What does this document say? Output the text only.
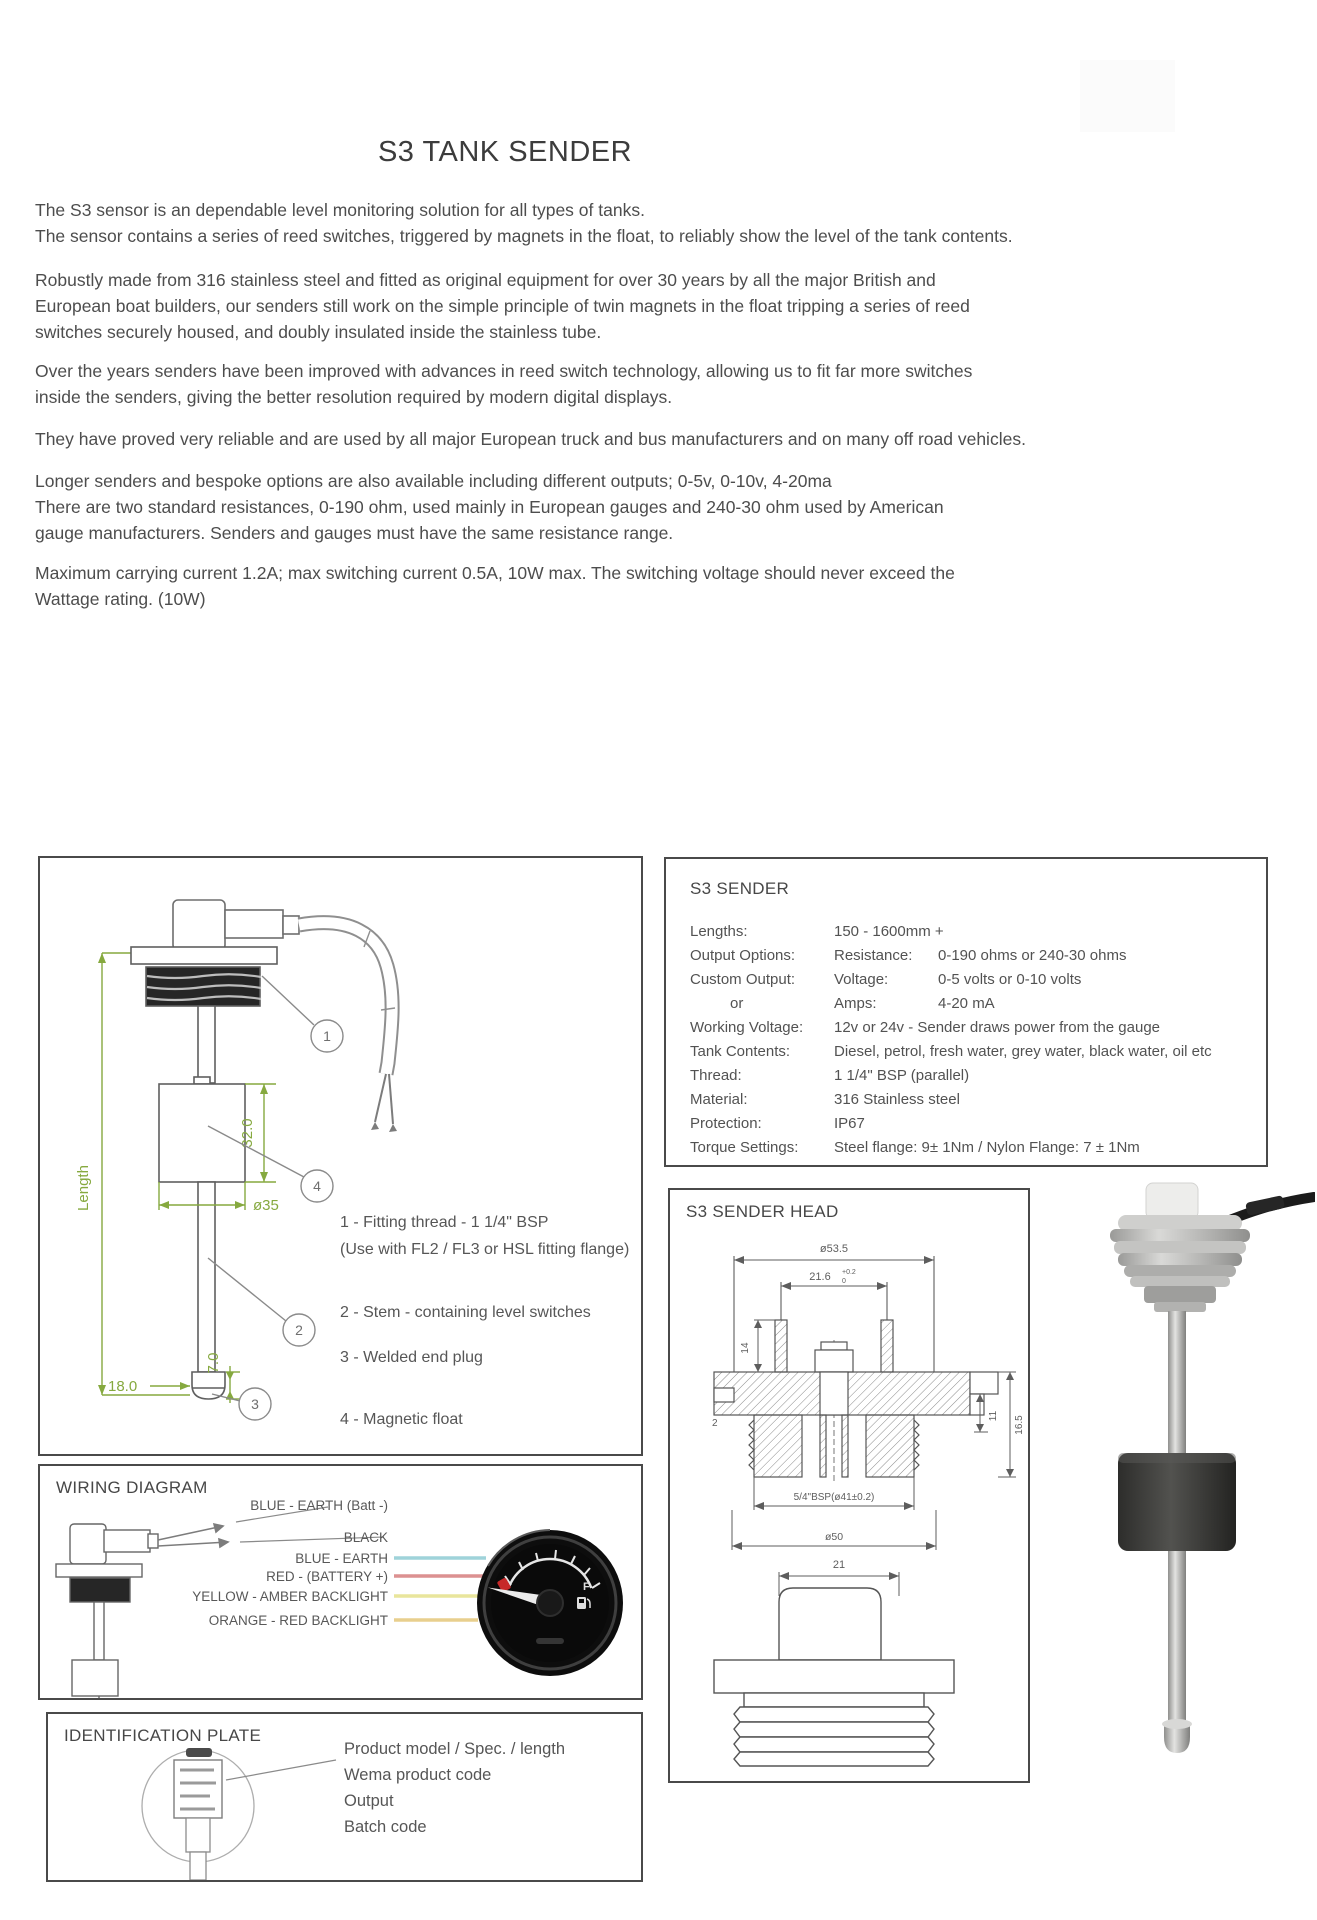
S3 TANK SENDER
The S3 sensor is an dependable level monitoring solution for all types of tanks.
The sensor contains a series of reed switches, triggered by magnets in the float, to reliably show the level of the tank contents.
Robustly made from 316 stainless steel and fitted as original equipment for over 30 years by all the major British and
European boat builders, our senders still work on the simple principle of twin magnets in the float tripping a series of reed
switches securely housed, and doubly insulated inside the stainless tube.
Over the years senders have been improved with advances in reed switch technology, allowing us to fit far more switches
inside the senders, giving the better resolution required by modern digital displays.
They have proved very reliable and are used by all major European truck and bus manufacturers and on many off road vehicles.
Longer senders and bespoke options are also available including different outputs; 0-5v, 0-10v, 4-20ma
There are two standard resistances, 0-190 ohm, used mainly in European gauges and 240-30 ohm used by American
gauge manufacturers. Senders and gauges must have the same resistance range.
Maximum carrying current 1.2A; max switching current 0.5A, 10W max. The switching voltage should never exceed the
Wattage rating. (10W)
Length
32.0
ø35
18.0
7.0
1
4
2
3
1 - Fitting thread - 1 1/4" BSP
(Use with FL2 / FL3 or HSL fitting flange)
2 - Stem - containing level switches
3 - Welded end plug
4 - Magnetic float
S3 SENDER
Lengths:	150 - 1600mm +
Output Options:	Resistance: 0-190 ohms or 240-30 ohms
Custom Output:	Voltage:	0-5 volts or 0-10 volts
or	Amps:	4-20 mA
Working Voltage: 12v or 24v - Sender draws power from the gauge
Tank Contents:	Diesel, petrol, fresh water, grey water, black water, oil etc
Thread:	1 1/4" BSP (parallel)
Material:	316 Stainless steel
Protection:	IP67
Torque Settings: Steel flange: 9± 1Nm / Nylon Flange: 7 ± 1Nm
S3 SENDER HEAD
ø53.5
21.6 +0.2
0
14
2
11 16.5
5/4"BSP(ø41±0.2)
ø50
21
WIRING DIAGRAM
F
BLUE - EARTH (Batt -)
BLACK
BLUE - EARTH
RED - (BATTERY +)
YELLOW - AMBER BACKLIGHT
ORANGE - RED BACKLIGHT
IDENTIFICATION PLATE
Product model / Spec. / length
Wema product code
Output
Batch code
